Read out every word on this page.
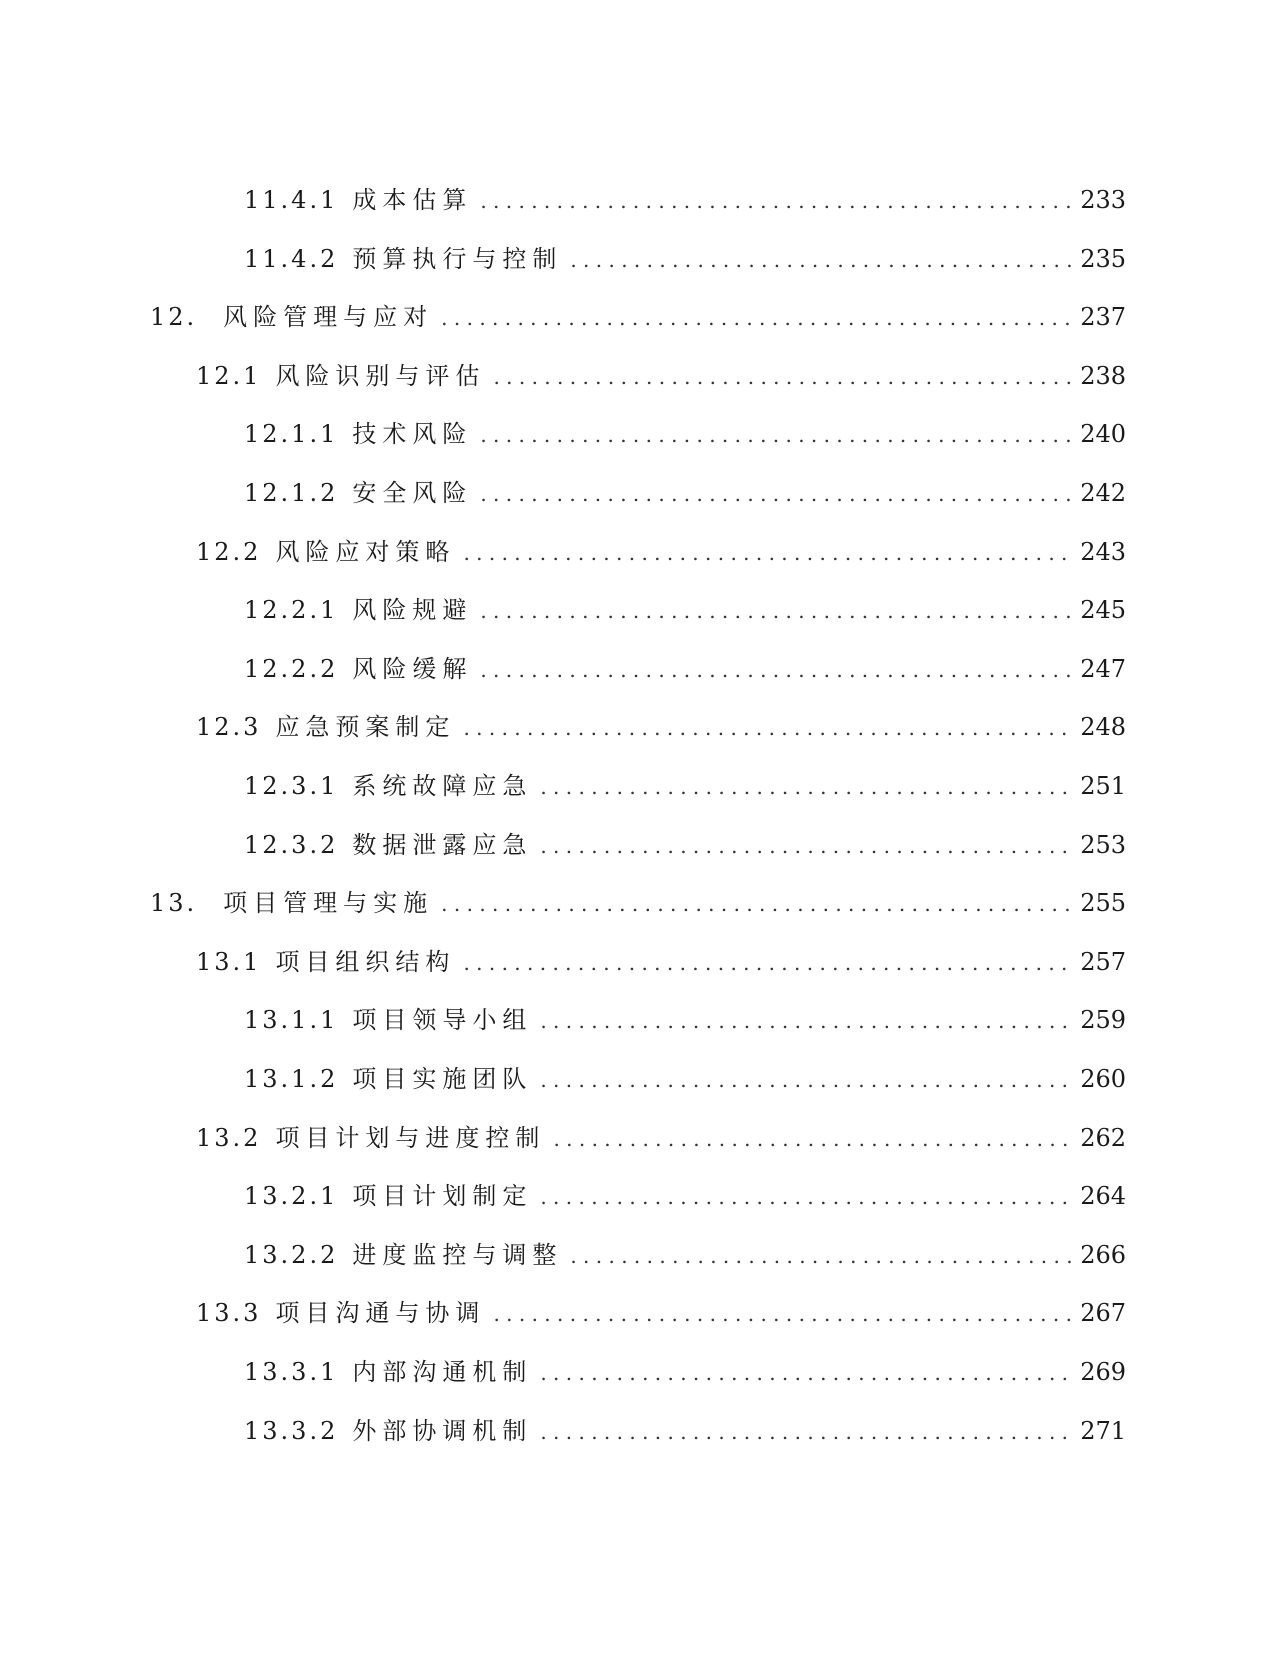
11.4.1 成本估算 . . .	233
11.4.2 预算执行与控制 . . .	235
12. 风险管理与应对 . . .	237
12.1 风险识别与评估 . . .	238
12.1.1 技术风险 . . .	240
12.1.2 安全风险 . . .	242
12.2 风险应对策略 . . .	243
12.2.1 风险规避 . . .	245
12.2.2 风险缓解 . . .	247
12.3 应急预案制定 . . .	248
12.3.1 系统故障应急 . . .	251
12.3.2 数据泄露应急 . . .	253
13. 项目管理与实施 . . .	255
13.1 项目组织结构 . . .	257
13.1.1 项目领导小组 . . .	259
13.1.2 项目实施团队 . . .	260
13.2 项目计划与进度控制 . . .	262
13.2.1 项目计划制定 . . .	264
13.2.2 进度监控与调整 . . .	266
13.3 项目沟通与协调 . . .	267
13.3.1 内部沟通机制 . . .	269
13.3.2 外部协调机制 . . .	271
